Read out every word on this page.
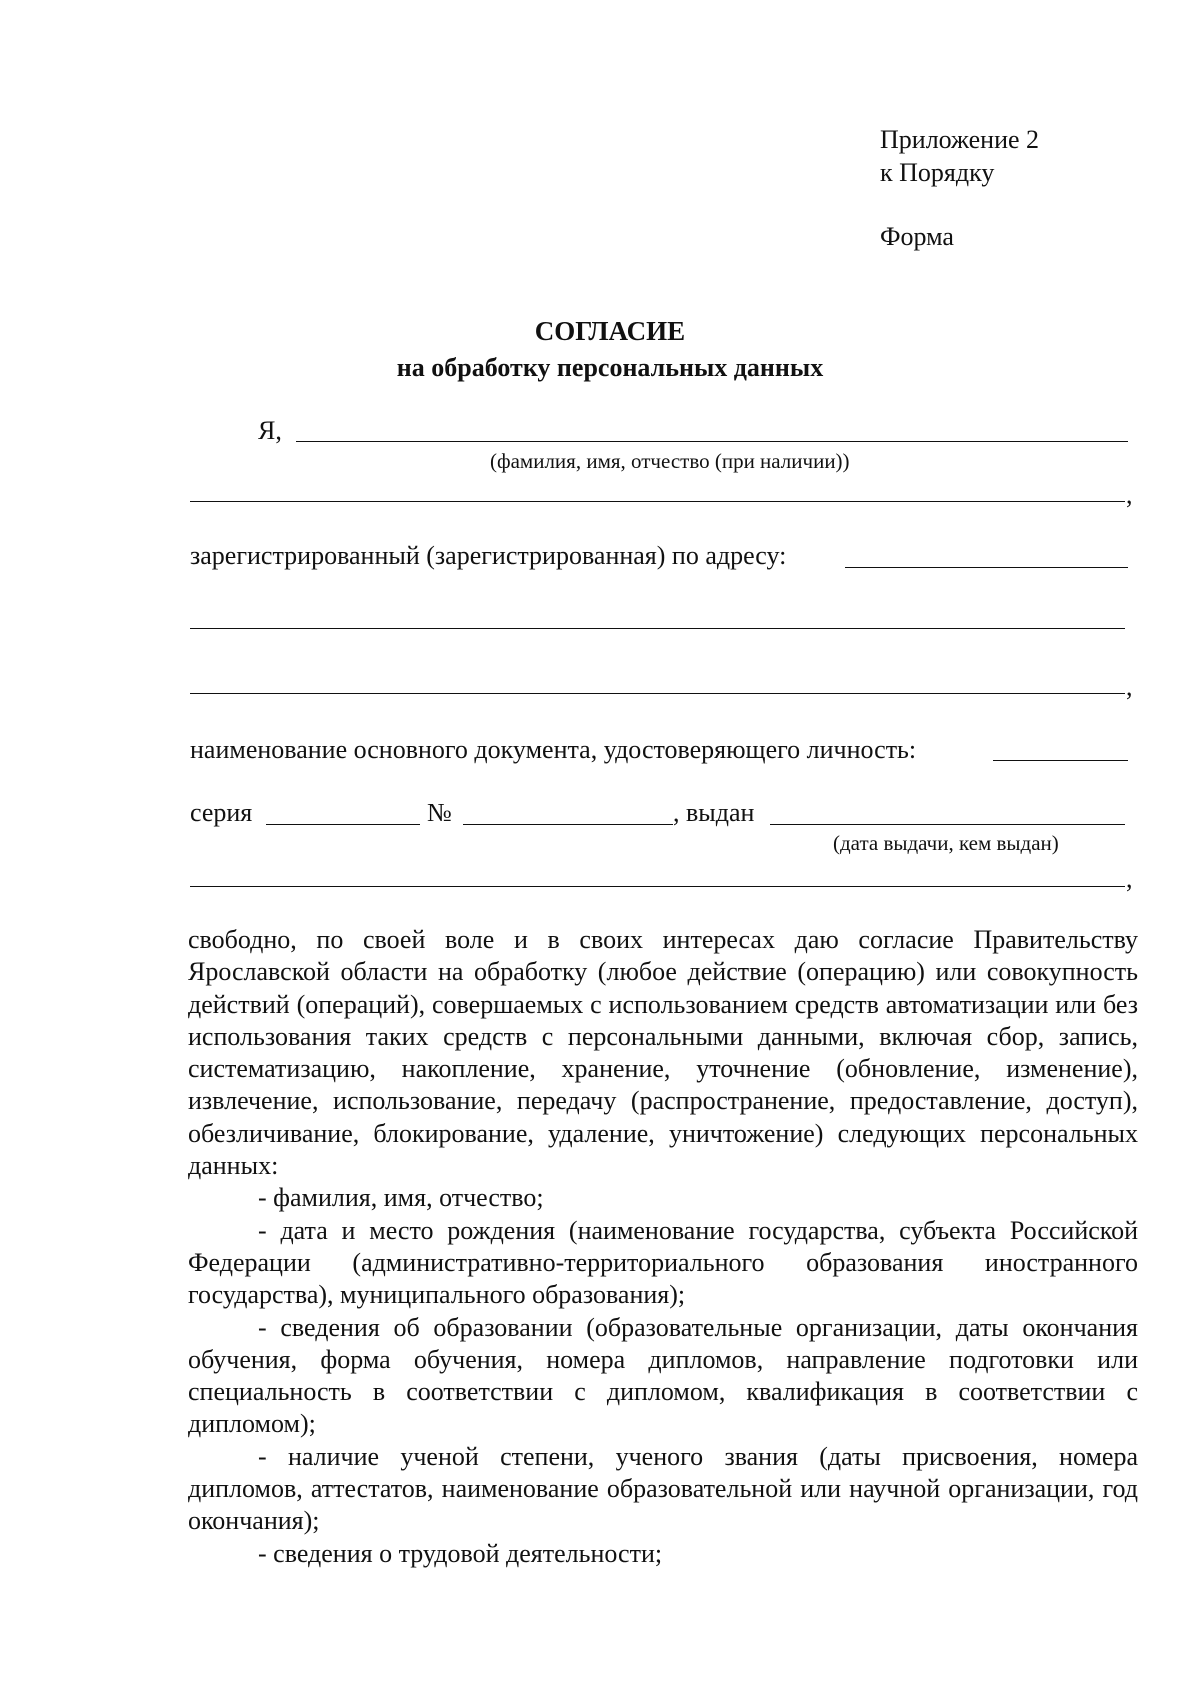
Приложение 2
к Порядку
Форма
СОГЛАСИЕ
на обработку персональных данных
Я,
(фамилия, имя, отчество (при наличии))
,
зарегистрированный (зарегистрированная) по адресу:
,
наименование основного документа, удостоверяющего личность:
серия	№	, выдан
(дата выдачи, кем выдан)
,

свободно, по своей воле и в своих интересах даю согласие Правительству Ярославской области на обработку (любое действие (операцию) или совокупность действий (операций), совершаемых с использованием средств автоматизации или без использования таких средств с персональными данными, включая сбор, запись, систематизацию, накопление, хранение, уточнение (обновление, изменение), извлечение, использование, передачу (распространение, предоставление, доступ), обезличивание, блокирование, удаление, уничтожение) следующих персональных данных:

- фамилия, имя, отчество;

- дата и место рождения (наименование государства, субъекта Российской Федерации (административно-территориального образования иностранного государства), муниципального образования);

- сведения об образовании (образовательные организации, даты окончания обучения, форма обучения, номера дипломов, направление подготовки или специальность в соответствии с дипломом, квалификация в соответствии с дипломом);

- наличие ученой степени, ученого звания (даты присвоения, номера дипломов, аттестатов, наименование образовательной или научной организации, год окончания);

- сведения о трудовой деятельности;
